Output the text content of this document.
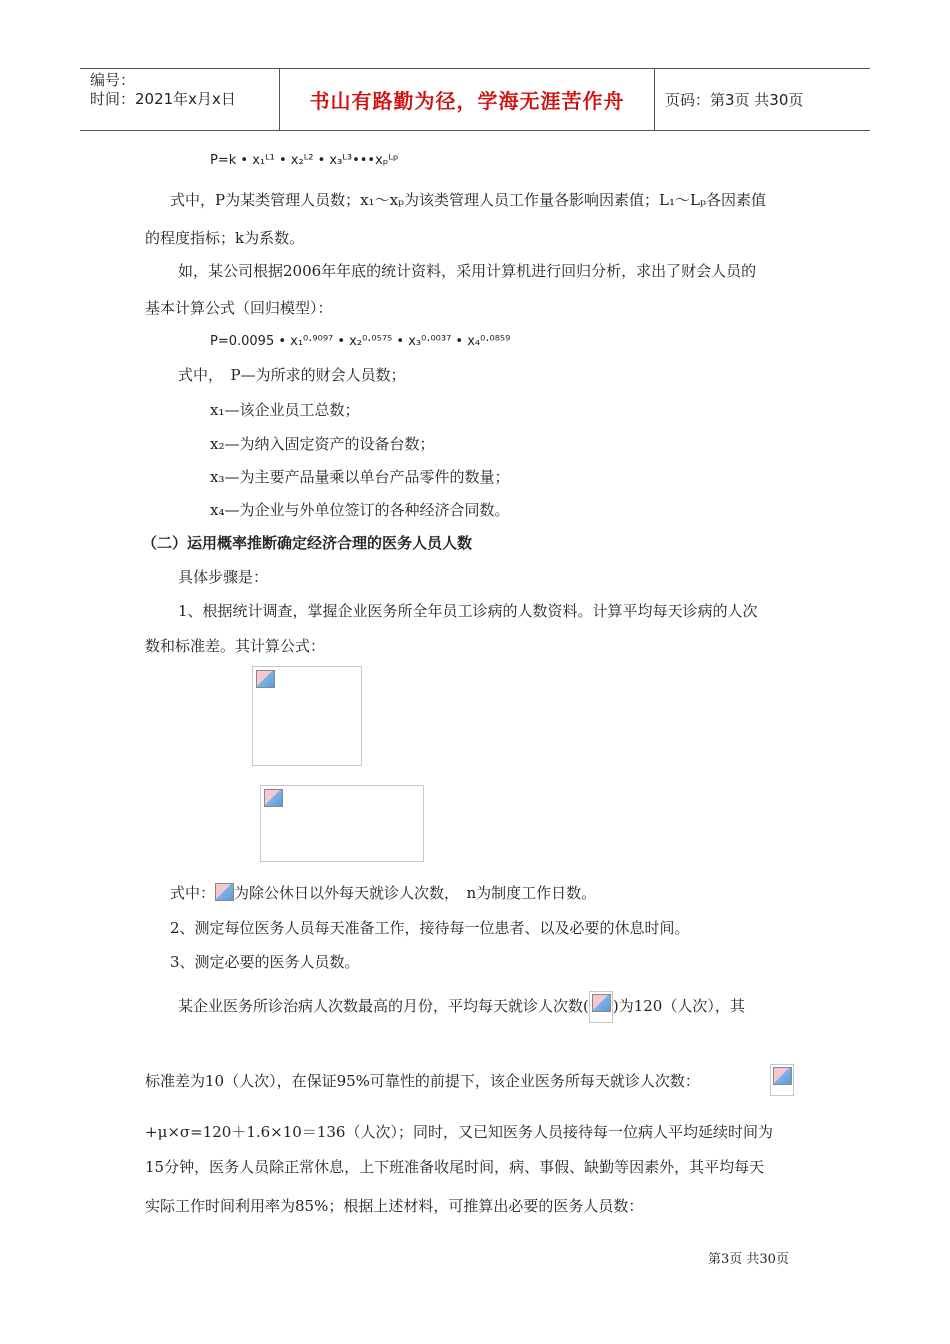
编号：
时间：2021年x月x日	书山有路勤为径，学海无涯苦作舟	页码：第3页 共30页
P=k • x₁ᴸ¹ • x₂ᴸ² • x₃ᴸ³•••xₚᴸᵖ
式中，P为某类管理人员数；x₁～xₚ为该类管理人员工作量各影响因素值；L₁～Lₚ各因素值
的程度指标；k为系数。
如，某公司根据2006年年底的统计资料，采用计算机进行回归分析，求出了财会人员的
基本计算公式（回归模型）：
P=0.0095 • x₁⁰·⁹⁰⁹⁷ • x₂⁰·⁰⁵⁷⁵ • x₃⁰·⁰⁰³⁷ • x₄⁰·⁰⁸⁵⁹
式中，　P—为所求的财会人员数；
x₁—该企业员工总数；
x₂—为纳入固定资产的设备台数；
x₃—为主要产品量乘以单台产品零件的数量；
x₄—为企业与外单位签订的各种经济合同数。
（二）运用概率推断确定经济合理的医务人员人数
具体步骤是：
1、根据统计调查，掌握企业医务所全年员工诊病的人数资料。计算平均每天诊病的人次
数和标准差。其计算公式：
式中： 为除公休日以外每天就诊人次数，　n为制度工作日数。
2、测定每位医务人员每天准备工作，接待每一位患者、以及必要的休息时间。
3、测定必要的医务人员数。
某企业医务所诊治病人次数最高的月份，平均每天就诊人次数( )为120（人次），其
标准差为10（人次），在保证95%可靠性的前提下，该企业医务所每天就诊人次数：
+μ×σ=120＋1.6×10＝136（人次）；同时，又已知医务人员接待每一位病人平均延续时间为
15分钟，医务人员除正常休息，上下班准备收尾时间，病、事假、缺勤等因素外，其平均每天
实际工作时间利用率为85%；根据上述材料，可推算出必要的医务人员数：
第3页 共30页
